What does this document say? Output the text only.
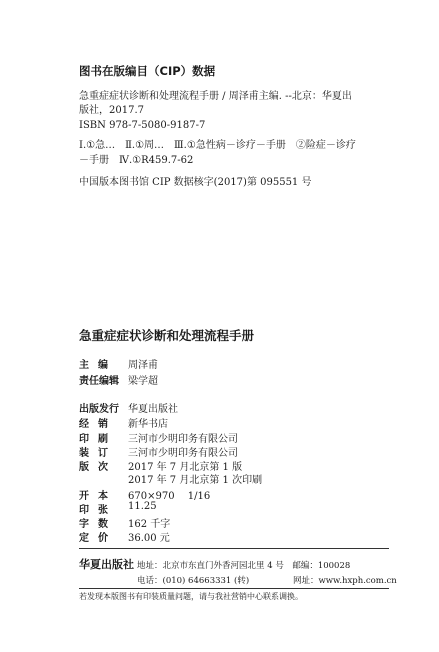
图书在版编目（CIP）数据
急重症症状诊断和处理流程手册 / 周泽甫主编. --北京：华夏出
版社，2017.7
ISBN 978-7-5080-9187-7
Ⅰ.①急…　Ⅱ.①周…　Ⅲ.①急性病－诊疗－手册　②险症－诊疗
－手册　Ⅳ.①R459.7-62
中国版本图书馆 CIP 数据核字(2017)第 095551 号
急重症症状诊断和处理流程手册
主 编 周泽甫
责任编辑 梁学超
出版发行 华夏出版社
经 销 新华书店
印 刷 三河市少明印务有限公司
装 订 三河市少明印务有限公司
版 次 2017 年 7 月北京第 1 版
2017 年 7 月北京第 1 次印刷
开 本 670×970　 1/16
印 张 11.25
字 数 162 千字
定 价 36.00 元
华夏出版社 地址：北京市东直门外香河园北里 4 号　邮编：100028
电话：(010) 64663331 (转)	网址：www.hxph.com.cn
若发现本版图书有印装质量问题，请与我社营销中心联系调换。
